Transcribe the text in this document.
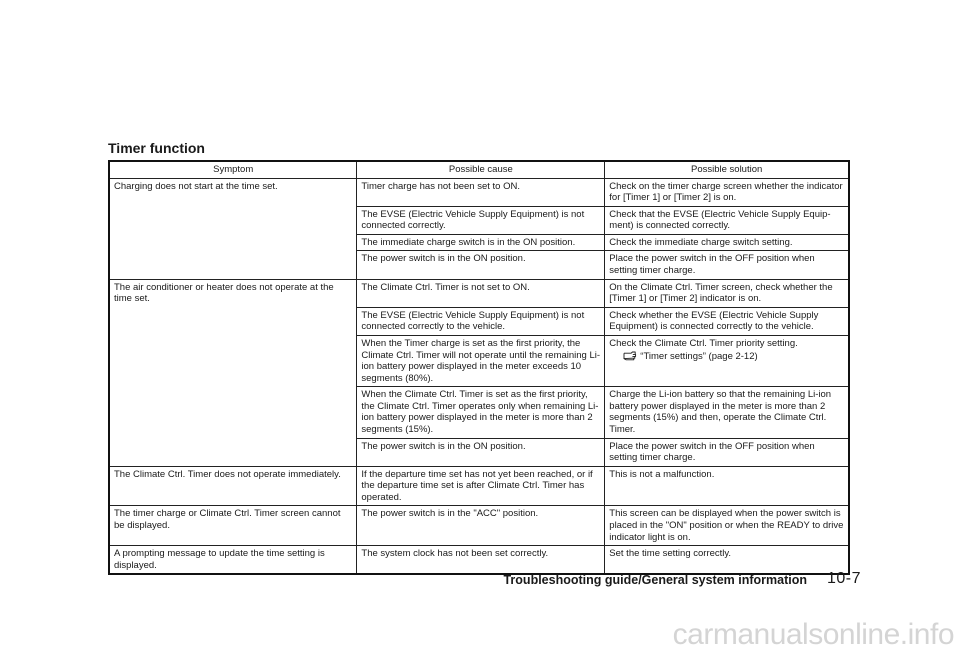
Timer function
Symptom	Possible cause	Possible solution
Charging does not start at the time set.	Timer charge has not been set to ON.	Check on the timer charge screen whether the indicator for [Timer 1] or [Timer 2] is on.
	The EVSE (Electric Vehicle Supply Equipment) is not connected correctly.	Check that the EVSE (Electric Vehicle Supply Equip-ment) is connected correctly.
	The immediate charge switch is in the ON position.	Check the immediate charge switch setting.
	The power switch is in the ON position.	Place the power switch in the OFF position when setting timer charge.
The air conditioner or heater does not operate at the time set.	The Climate Ctrl. Timer is not set to ON.	On the Climate Ctrl. Timer screen, check whether the [Timer 1] or [Timer 2] indicator is on.
	The EVSE (Electric Vehicle Supply Equipment) is not connected correctly to the vehicle.	Check whether the EVSE (Electric Vehicle Supply Equipment) is connected correctly to the vehicle.
	When the Timer charge is set as the first priority, the Climate Ctrl. Timer will not operate until the remaining Li-ion battery power displayed in the meter exceeds 10 segments (80%).	Check the Climate Ctrl. Timer priority setting.
“Timer settings” (page 2-12)

	When the Climate Ctrl. Timer is set as the first priority, the Climate Ctrl. Timer operates only when remaining Li-ion battery power displayed in the meter is more than 2 segments (15%).	Charge the Li-ion battery so that the remaining Li-ion battery power displayed in the meter is more than 2 segments (15%) and then, operate the Climate Ctrl. Timer.
	The power switch is in the ON position.	Place the power switch in the OFF position when setting timer charge.
The Climate Ctrl. Timer does not operate immediately.	If the departure time set has not yet been reached, or if the departure time set is after Climate Ctrl. Timer has operated.	This is not a malfunction.
The timer charge or Climate Ctrl. Timer screen cannot be displayed.	The power switch is in the "ACC" position.	This screen can be displayed when the power switch is placed in the "ON" position or when the READY to drive indicator light is on.
A prompting message to update the time setting is displayed.	The system clock has not been set correctly.	Set the time setting correctly.
Troubleshooting guide/General system information 10-7
carmanualsonline.info
